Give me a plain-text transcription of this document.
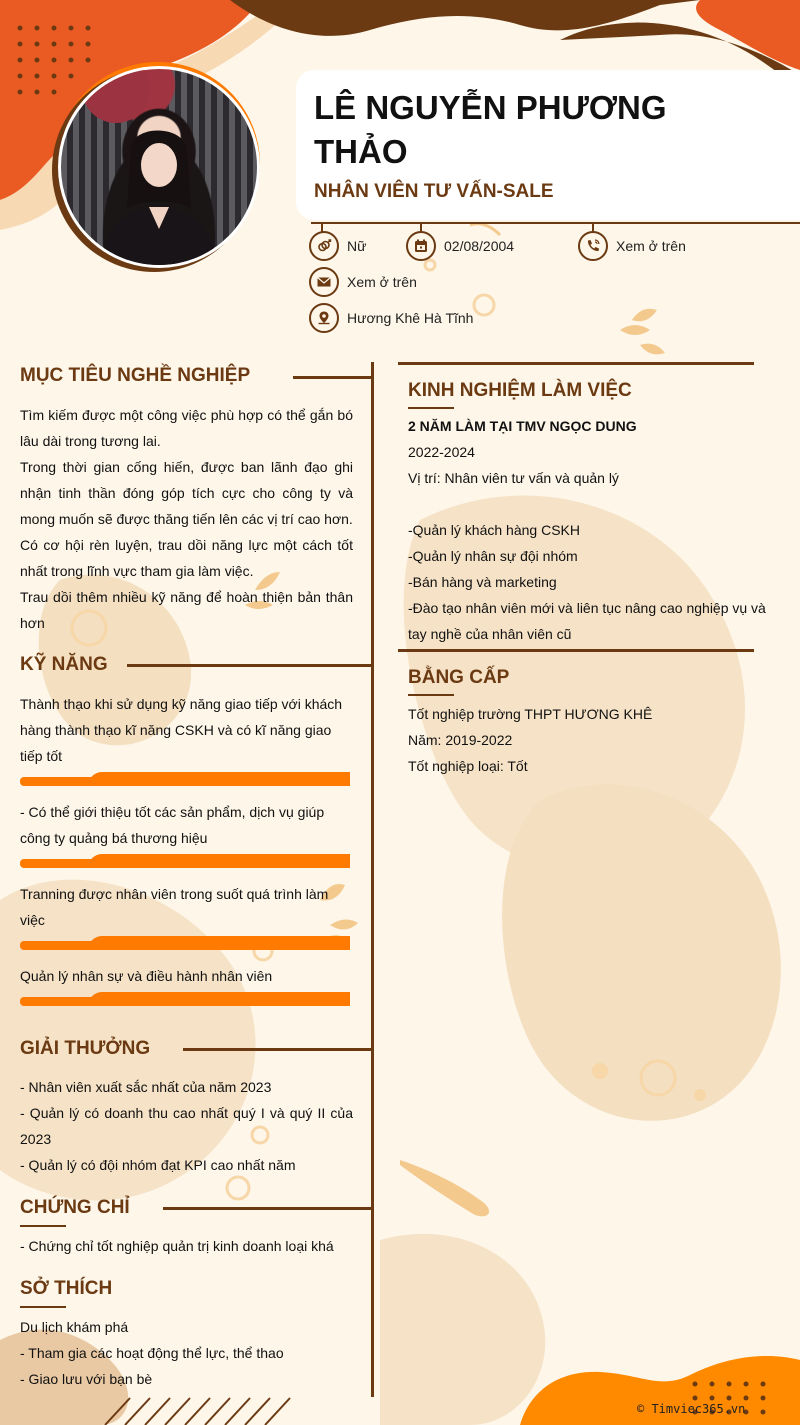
LÊ NGUYỄN PHƯƠNG THẢO
NHÂN VIÊN TƯ VẤN-SALE
Nữ	02/08/2004	Xem ở trên
Xem ở trên
Hương Khê Hà Tĩnh
MỤC TIÊU NGHỀ NGHIỆP

Tìm kiếm được một công việc phù hợp có thể gắn bó lâu dài trong tương lai.

Trong thời gian cống hiến, được ban lãnh đạo ghi nhận tinh thần đóng góp tích cực cho công ty và mong muốn sẽ được thăng tiến lên các vị trí cao hơn.

Có cơ hội rèn luyện, trau dồi năng lực một cách tốt nhất trong lĩnh vực tham gia làm việc.

Trau dồi thêm nhiều kỹ năng để hoàn thiện bản thân hơn

KỸ NĂNG

Thành thạo khi sử dụng kỹ năng giao tiếp với khách hàng thành thạo kĩ năng CSKH và có kĩ năng giao tiếp tốt

- Có thể giới thiệu tốt các sản phẩm, dịch vụ giúp công ty quảng bá thương hiệu

Tranning được nhân viên trong suốt quá trình làm việc

Quản lý nhân sự và điều hành nhân viên

GIẢI THƯỞNG

- Nhân viên xuất sắc nhất của năm 2023

- Quản lý có doanh thu cao nhất quý I và quý II của 2023

- Quản lý có đội nhóm đạt KPI cao nhất năm

CHỨNG CHỈ

- Chứng chỉ tốt nghiệp quản trị kinh doanh loại khá

SỞ THÍCH

Du lịch khám phá

- Tham gia các hoạt động thể lực, thể thao

- Giao lưu với bạn bè

KINH NGHIỆM LÀM VIỆC

2 NĂM LÀM TẠI TMV NGỌC DUNG

2022-2024

Vị trí: Nhân viên tư vấn và quản lý

-Quản lý khách hàng CSKH

-Quản lý nhân sự đội nhóm

-Bán hàng và marketing

-Đào tạo nhân viên mới và liên tục nâng cao nghiệp vụ và tay nghề của nhân viên cũ

BẰNG CẤP

Tốt nghiệp trường THPT HƯƠNG KHÊ

Năm: 2019-2022

Tốt nghiệp loại: Tốt

© Timviec365.vn
